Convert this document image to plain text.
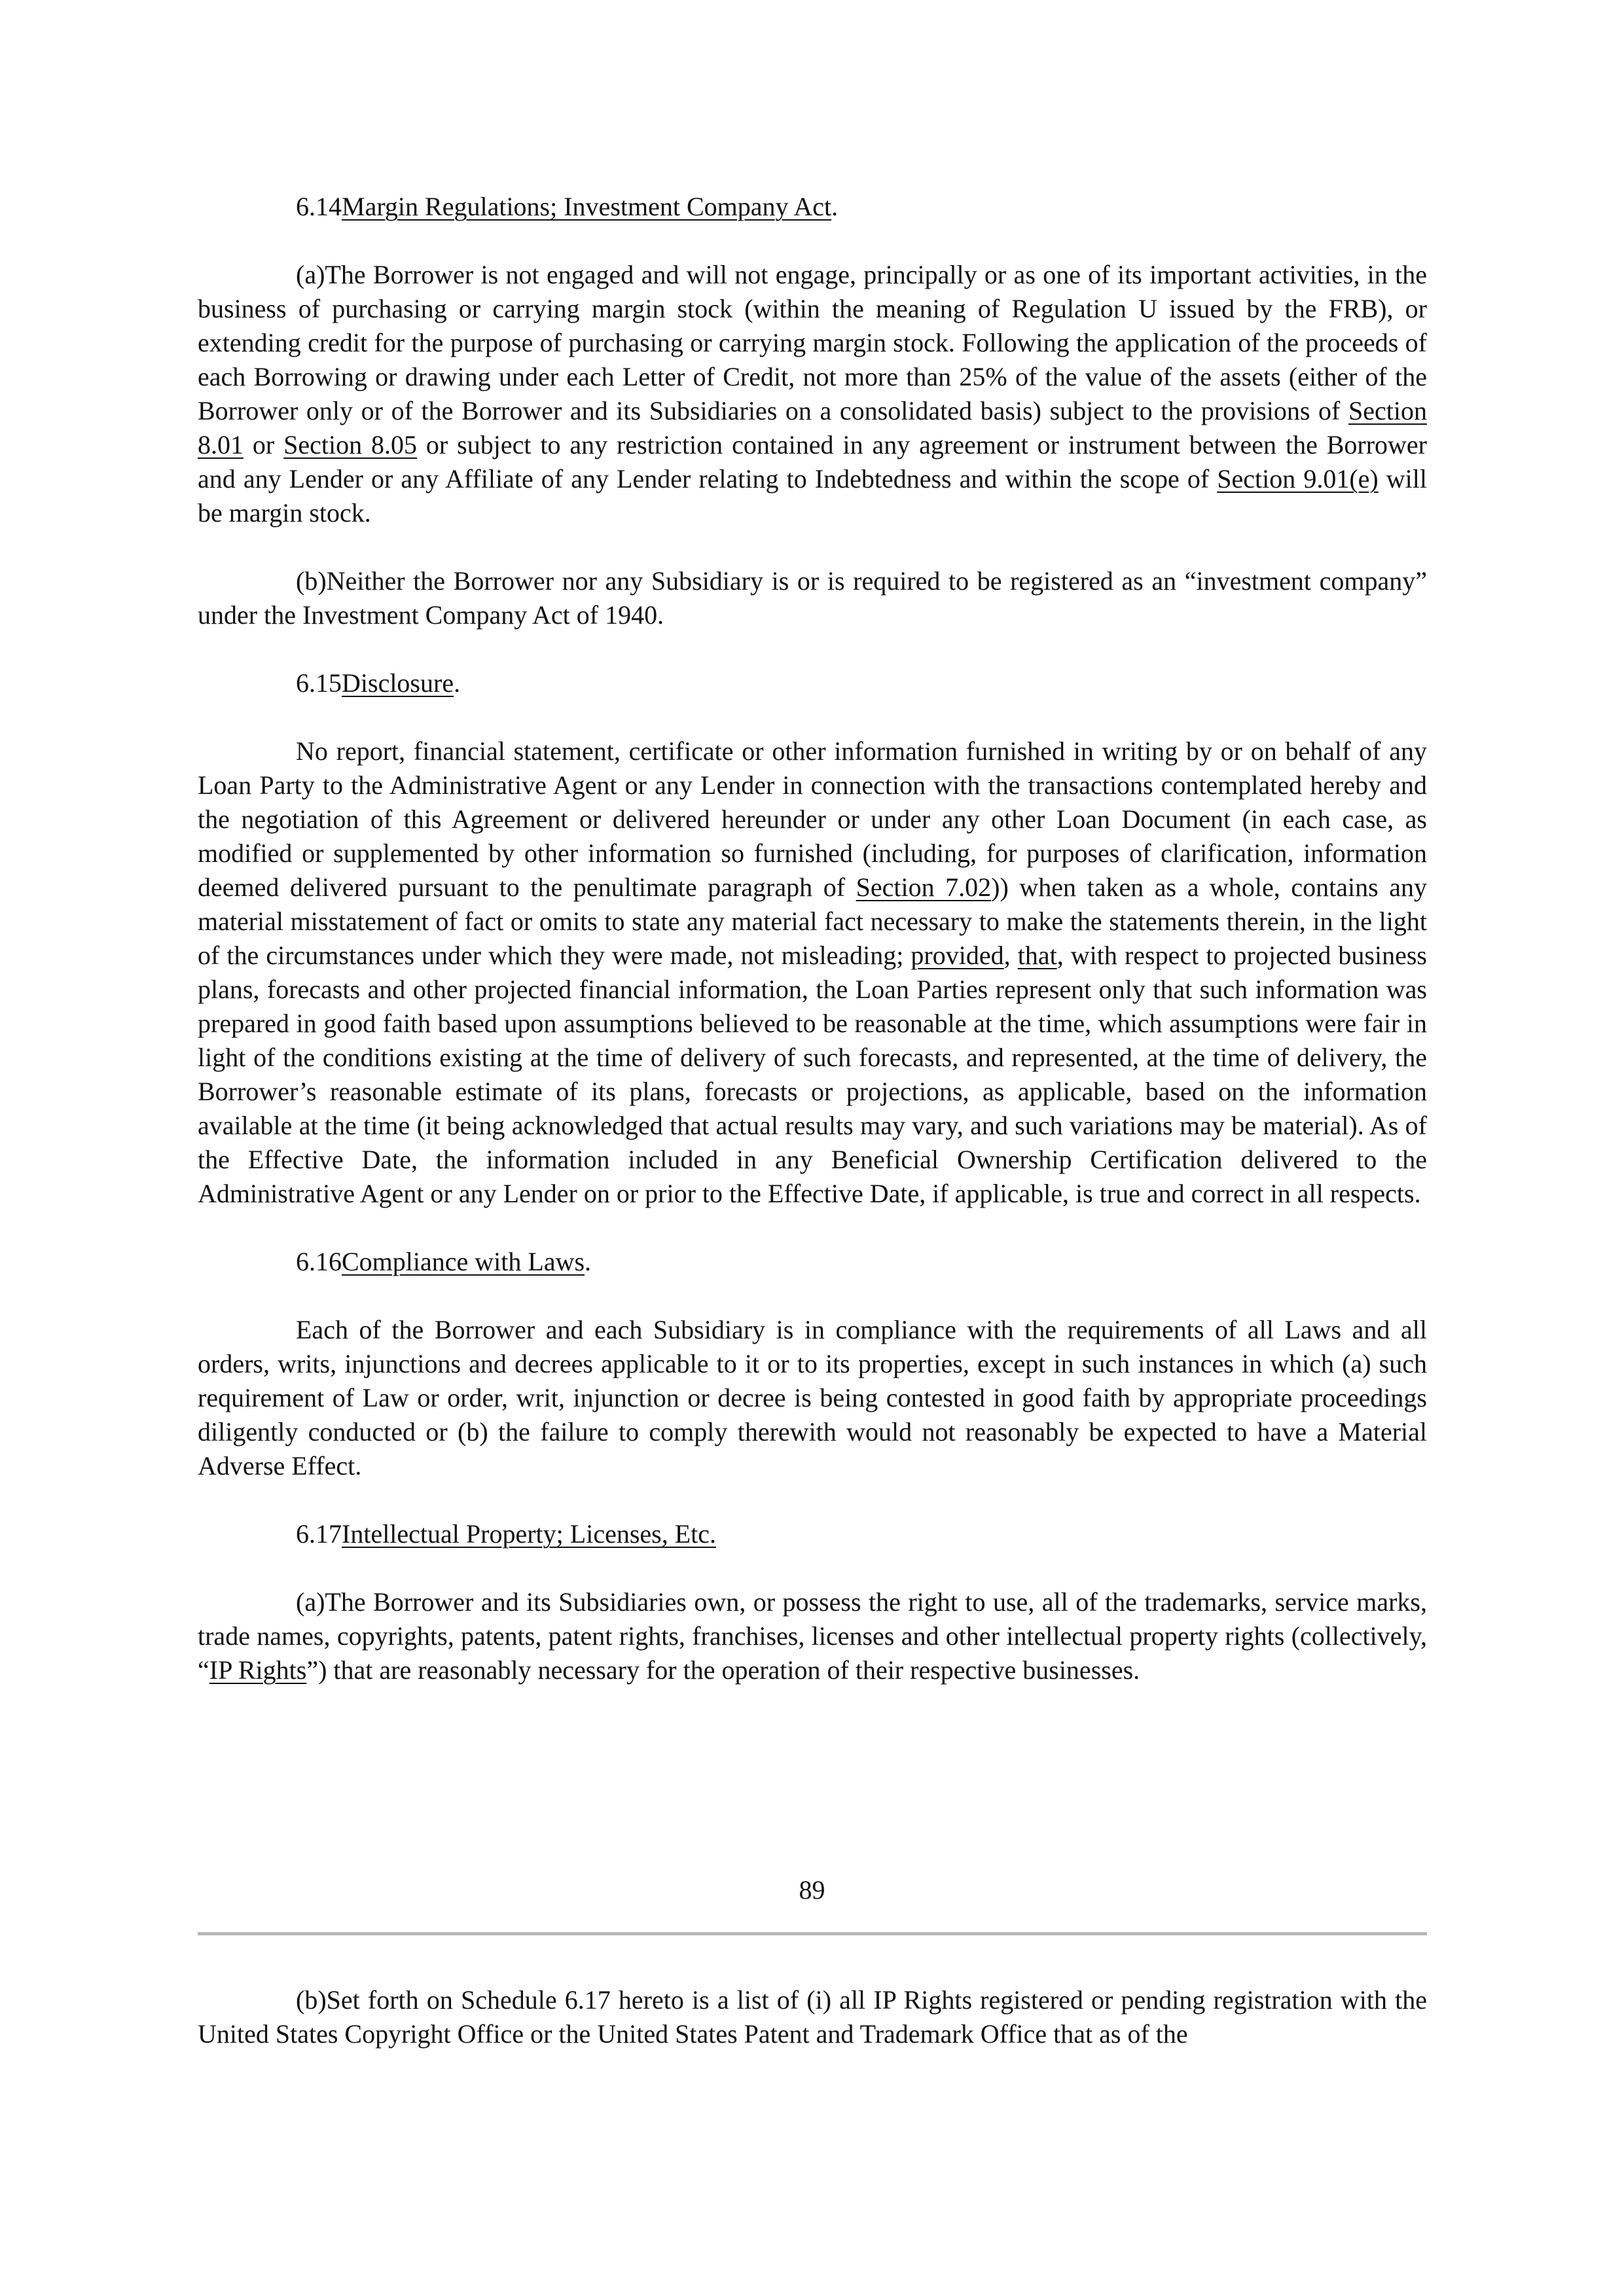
6.14Margin Regulations; Investment Company Act.

(a)The Borrower is not engaged and will not engage, principally or as one of its important activities, in the business of purchasing or carrying margin stock (within the meaning of Regulation U issued by the FRB), or extending credit for the purpose of purchasing or carrying margin stock. Following the application of the proceeds of each Borrowing or drawing under each Letter of Credit, not more than 25% of the value of the assets (either of the Borrower only or of the Borrower and its Subsidiaries on a consolidated basis) subject to the provisions of Section 8.01 or Section 8.05 or subject to any restriction contained in any agreement or instrument between the Borrower and any Lender or any Affiliate of any Lender relating to Indebtedness and within the scope of Section 9.01(e) will be margin stock.

(b)Neither the Borrower nor any Subsidiary is or is required to be registered as an “investment company” under the Investment Company Act of 1940.

6.15Disclosure.

No report, financial statement, certificate or other information furnished in writing by or on behalf of any Loan Party to the Administrative Agent or any Lender in connection with the transactions contemplated hereby and the negotiation of this Agreement or delivered hereunder or under any other Loan Document (in each case, as modified or supplemented by other information so furnished (including, for purposes of clarification, information deemed delivered pursuant to the penultimate paragraph of Section 7.02)) when taken as a whole, contains any material misstatement of fact or omits to state any material fact necessary to make the statements therein, in the light of the circumstances under which they were made, not misleading; provided, that, with respect to projected business plans, forecasts and other projected financial information, the Loan Parties represent only that such information was prepared in good faith based upon assumptions believed to be reasonable at the time, which assumptions were fair in light of the conditions existing at the time of delivery of such forecasts, and represented, at the time of delivery, the Borrower’s reasonable estimate of its plans, forecasts or projections, as applicable, based on the information available at the time (it being acknowledged that actual results may vary, and such variations may be material). As of the Effective Date, the information included in any Beneficial Ownership Certification delivered to the Administrative Agent or any Lender on or prior to the Effective Date, if applicable, is true and correct in all respects.

6.16Compliance with Laws.

Each of the Borrower and each Subsidiary is in compliance with the requirements of all Laws and all orders, writs, injunctions and decrees applicable to it or to its properties, except in such instances in which (a) such requirement of Law or order, writ, injunction or decree is being contested in good faith by appropriate proceedings diligently conducted or (b) the failure to comply therewith would not reasonably be expected to have a Material Adverse Effect.

6.17Intellectual Property; Licenses, Etc.

(a)The Borrower and its Subsidiaries own, or possess the right to use, all of the trademarks, service marks, trade names, copyrights, patents, patent rights, franchises, licenses and other intellectual property rights (collectively, “IP Rights”) that are reasonably necessary for the operation of their respective businesses.

89

(b)Set forth on Schedule 6.17 hereto is a list of (i) all IP Rights registered or pending registration with the United States Copyright Office or the United States Patent and Trademark Office that as of the
